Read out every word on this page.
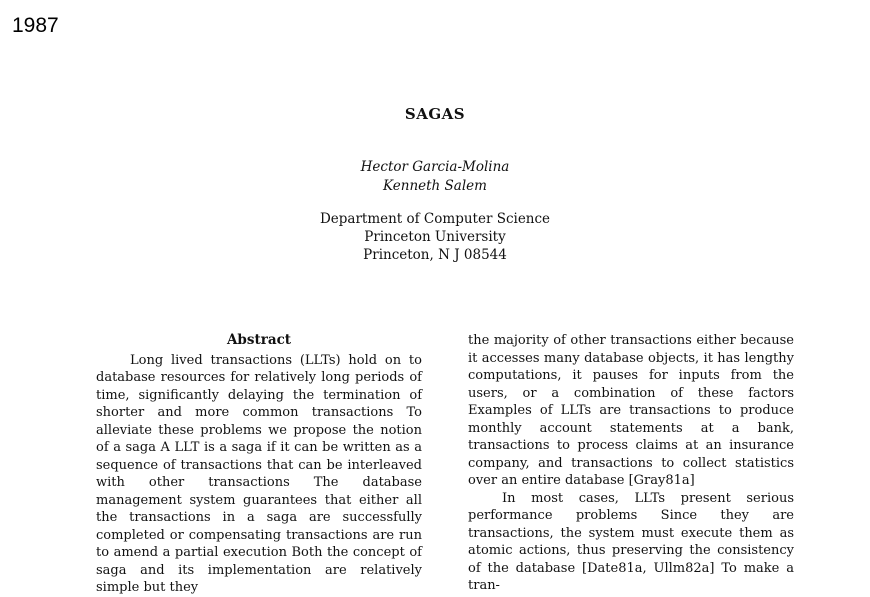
1987
SAGAS
Hector Garcia-Molina
Kenneth Salem
Department of Computer Science
Princeton University
Princeton, N J 08544
Abstract

Long lived transactions (LLTs) hold on to database resources for relatively long periods of time, significantly delaying the termination of shorter and more common transactions To alleviate these problems we propose the notion of a saga A LLT is a saga if it can be written as a sequence of transactions that can be interleaved with other transactions The database management system guarantees that either all the transactions in a saga are successfully completed or compensating transactions are run to amend a partial execution Both the concept of saga and its implementation are relatively simple but they

the majority of other transactions either because it accesses many database objects, it has lengthy computations, it pauses for inputs from the users, or a combination of these factors Examples of LLTs are transactions to produce monthly account statements at a bank, transactions to process claims at an insurance company, and transactions to collect statistics over an entire database [Gray81a]

In most cases, LLTs present serious performance problems Since they are transactions, the system must execute them as atomic actions, thus preserving the consistency of the database [Date81a, Ullm82a] To make a tran-
